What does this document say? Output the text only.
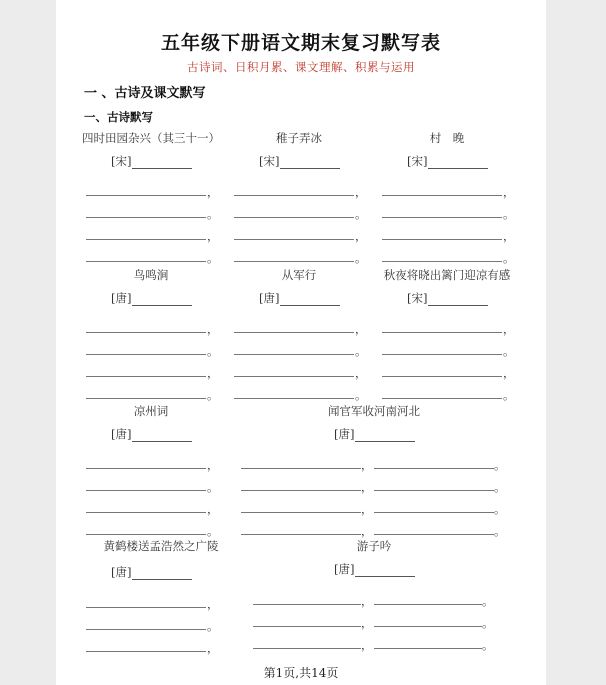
五年级下册语文期末复习默写表
古诗词、日积月累、课文理解、积累与运用
一 、古诗及课文默写
一、古诗默写
四时田园杂兴（其三十一）
[宋]
，
。
，
。
稚子弄冰
[宋]
，
。
，
。
村　晚
[宋]
，
。
，
。
鸟鸣涧
[唐]
，
。
，
。
从军行
[唐]
，
。
，
。
秋夜将晓出篱门迎凉有感
[宋]
，
。
，
。
凉州词
[唐]
，
。
，
。
闻官军收河南河北
[唐]
，	。
，	。
，	。
，	。
黄鹤楼送孟浩然之广陵
[唐]
，
。
，
游子吟
[唐]
，	。
，	。
，	。
第1页,共14页
